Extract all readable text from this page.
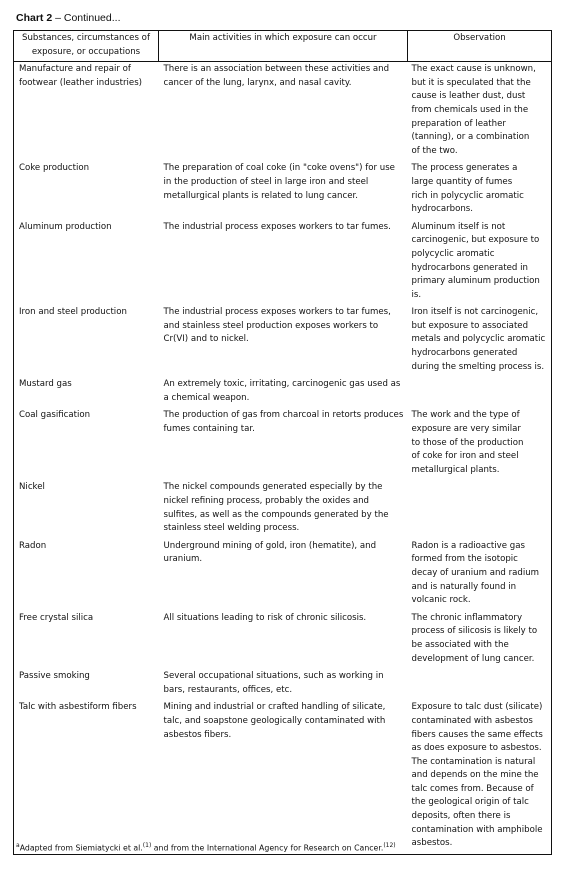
Chart 2 – Continued...
Substances, circumstances of exposure, or occupations	Main activities in which exposure can occur	Observation

Manufacture and repair of footwear (leather industries)	There is an association between these activities and cancer of the lung, larynx, and nasal cavity.	The exact cause is unknown, but it is speculated that the cause is leather dust, dust from chemicals used in the preparation of leather (tanning), or a combination of the two.

Coke production	The preparation of coal coke (in "coke ovens") for use in the production of steel in large iron and steel metallurgical plants is related to lung cancer.	The process generates a large quantity of fumes rich in polycyclic aromatic hydrocarbons.

Aluminum production	The industrial process exposes workers to tar fumes.	Aluminum itself is not carcinogenic, but exposure to polycyclic aromatic hydrocarbons generated in primary aluminum production is.

Iron and steel production	The industrial process exposes workers to tar fumes, and stainless steel production exposes workers to Cr(VI) and to nickel.	Iron itself is not carcinogenic, but exposure to associated metals and polycyclic aromatic hydrocarbons generated during the smelting process is.

Mustard gas	An extremely toxic, irritating, carcinogenic gas used as a chemical weapon.	

Coal gasification	The production of gas from charcoal in retorts produces fumes containing tar.	The work and the type of exposure are very similar to those of the production of coke for iron and steel metallurgical plants.

Nickel	The nickel compounds generated especially by the nickel refining process, probably the oxides and sulfites, as well as the compounds generated by the stainless steel welding process.	

Radon	Underground mining of gold, iron (hematite), and uranium.	Radon is a radioactive gas formed from the isotopic decay of uranium and radium and is naturally found in volcanic rock.

Free crystal silica	All situations leading to risk of chronic silicosis.	The chronic inflammatory process of silicosis is likely to be associated with the development of lung cancer.

Passive smoking	Several occupational situations, such as working in bars, restaurants, offices, etc.	

Talc with asbestiform fibers	Mining and industrial or crafted handling of silicate, talc, and soapstone geologically contaminated with asbestos fibers.	Exposure to talc dust (silicate) contaminated with asbestos fibers causes the same effects as does exposure to asbestos. The contamination is natural and depends on the mine the talc comes from. Because of the geological origin of talc deposits, often there is contamination with amphibole asbestos.
$^a$Adapted from Siemiatycki et al.$^{(1)}$ and from the International Agency for Research on Cancer.$^{(12)}$
